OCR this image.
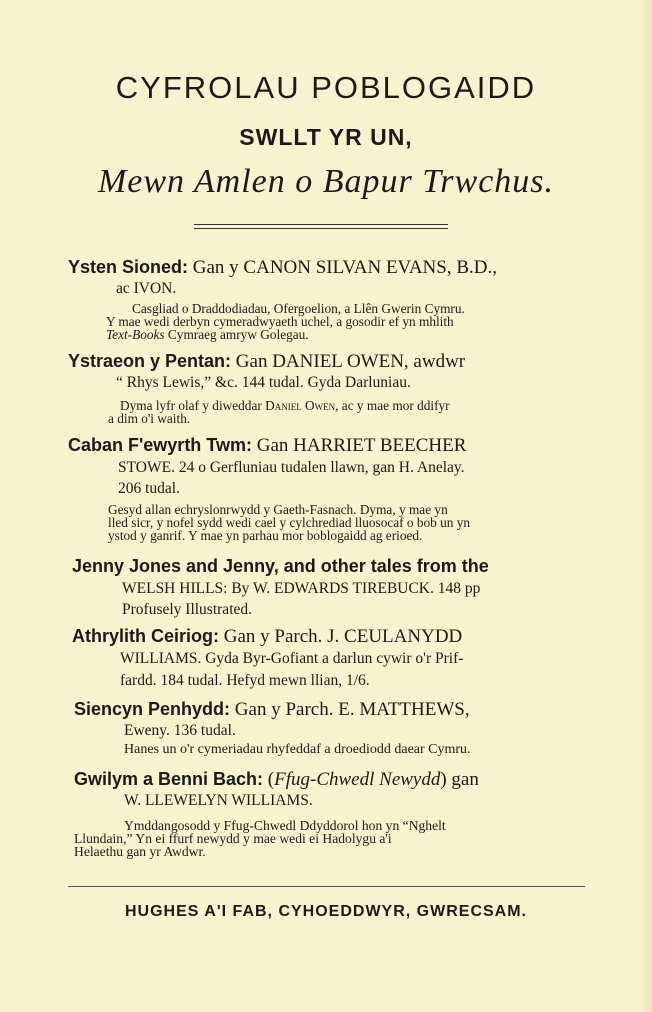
CYFROLAU POBLOGAIDD
SWLLT YR UN,
Mewn Amlen o Bapur Trwchus.
Ysten Sioned: Gan y CANON SILVAN EVANS, B.D.,
ac IVON.
Casgliad o Draddodiadau, Ofergoelion, a Llên Gwerin Cymru.
Y mae wedi derbyn cymeradwyaeth uchel, a gosodir ef yn mhlith
Text-Books Cymraeg amryw Golegau.
Ystraeon y Pentan: Gan DANIEL OWEN, awdwr
“ Rhys Lewis,” &c. 144 tudal. Gyda Darluniau.
Dyma lyfr olaf y diweddar Daniel Owen, ac y mae mor ddifyr
a dim o'i waith.
Caban F'ewyrth Twm: Gan HARRIET BEECHER
STOWE. 24 o Gerfluniau tudalen llawn, gan H. Anelay.
206 tudal.
Gesyd allan echryslonrwydd y Gaeth-Fasnach. Dyma, y mae yn
lled sicr, y nofel sydd wedi cael y cylchrediad lluosocaf o bob un yn
ystod y ganrif. Y mae yn parhau mor boblogaidd ag erioed.
Jenny Jones and Jenny, and other tales from the
WELSH HILLS: By W. EDWARDS TIREBUCK. 148 pp
Profusely Illustrated.
Athrylith Ceiriog: Gan y Parch. J. CEULANYDD
WILLIAMS. Gyda Byr-Gofiant a darlun cywir o'r Prif-
fardd. 184 tudal. Hefyd mewn llian, 1/6.
Siencyn Penhydd: Gan y Parch. E. MATTHEWS,
Eweny. 136 tudal.
Hanes un o'r cymeriadau rhyfeddaf a droediodd daear Cymru.
Gwilym a Benni Bach: (Ffug-Chwedl Newydd) gan
W. LLEWELYN WILLIAMS.
Ymddangosodd y Ffug-Chwedl Ddyddorol hon yn “Nghelt
Llundain,” Yn ei ffurf newydd y mae wedi ei Hadolygu a'i
Helaethu gan yr Awdwr.
HUGHES A'I FAB, CYHOEDDWYR, GWRECSAM.
